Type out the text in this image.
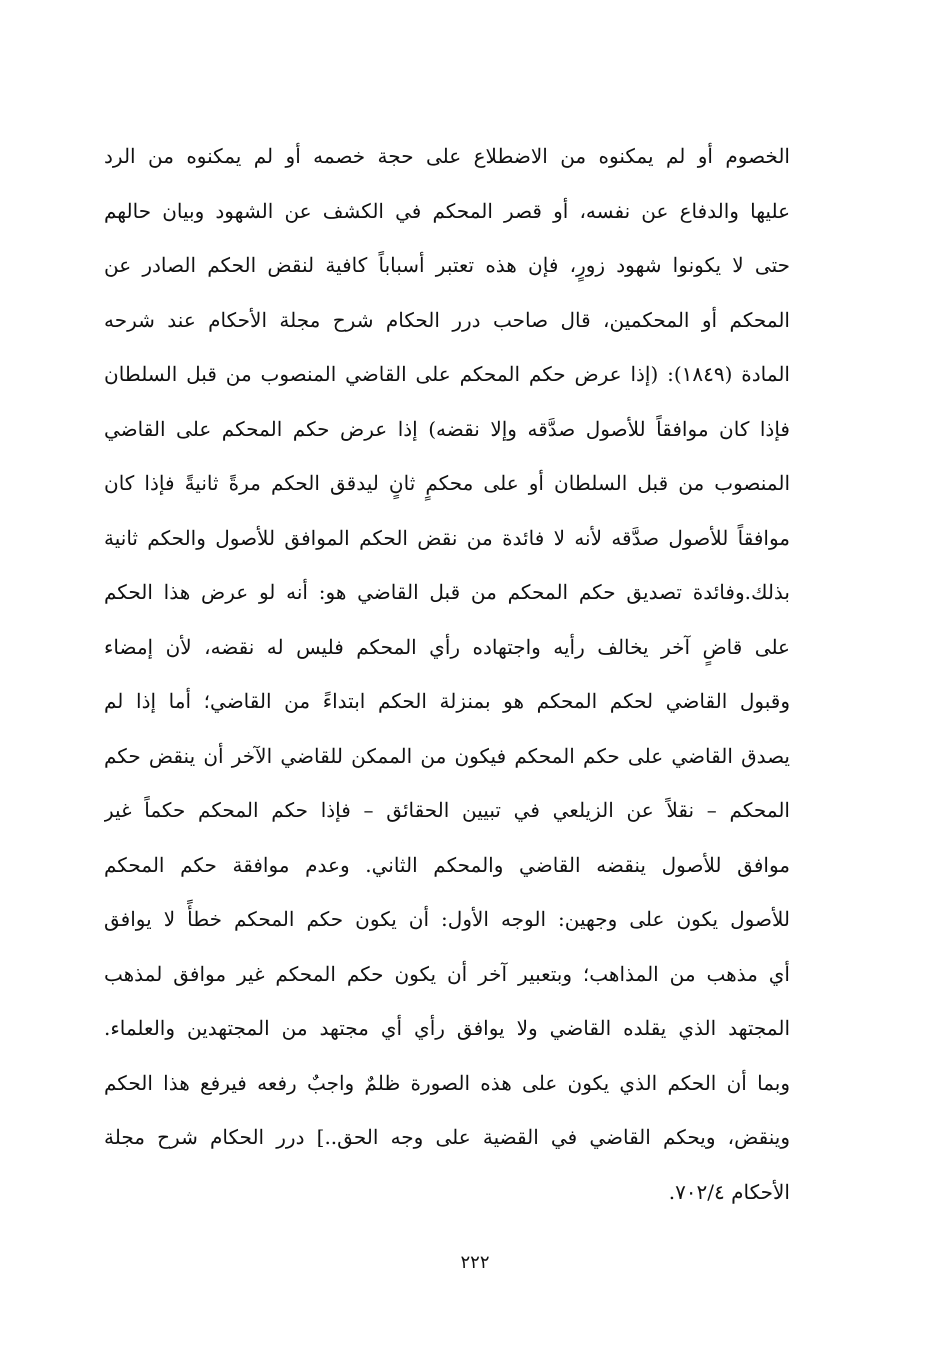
الخصوم أو لم يمكنوه من الاضطلاع على حجة خصمه أو لم يمكنوه من الرد
عليها والدفاع عن نفسه، أو قصر المحكم في الكشف عن الشهود وبيان حالهم
حتى لا يكونوا شهود زورٍ، فإن هذه تعتبر أسباباً كافية لنقض الحكم الصادر عن
المحكم أو المحكمين، قال صاحب درر الحكام شرح مجلة الأحكام عند شرحه
المادة (١٨٤٩): (إذا عرض حكم المحكم على القاضي المنصوب من قبل السلطان
فإذا كان موافقاً للأصول صدَّقه وإلا نقضه) إذا عرض حكم المحكم على القاضي
المنصوب من قبل السلطان أو على محكمٍ ثانٍ ليدقق الحكم مرةً ثانيةً فإذا كان
موافقاً للأصول صدَّقه لأنه لا فائدة من نقض الحكم الموافق للأصول والحكم ثانية
بذلك.وفائدة تصديق حكم المحكم من قبل القاضي هو: أنه لو عرض هذا الحكم
على قاضٍ آخر يخالف رأيه واجتهاده رأي المحكم فليس له نقضه، لأن إمضاء
وقبول القاضي لحكم المحكم هو بمنزلة الحكم ابتداءً من القاضي؛ أما إذا لم
يصدق القاضي على حكم المحكم فيكون من الممكن للقاضي الآخر أن ينقض حكم
المحكم – نقلاً عن الزيلعي في تبيين الحقائق – فإذا حكم المحكم حكماً غير
موافق للأصول ينقضه القاضي والمحكم الثاني. وعدم موافقة حكم المحكم
للأصول يكون على وجهين: الوجه الأول: أن يكون حكم المحكم خطأً لا يوافق
أي مذهب من المذاهب؛ وبتعبير آخر أن يكون حكم المحكم غير موافق لمذهب
المجتهد الذي يقلده القاضي ولا يوافق رأي أي مجتهد من المجتهدين والعلماء.
وبما أن الحكم الذي يكون على هذه الصورة ظلمٌ واجبٌ رفعه فيرفع هذا الحكم
وينقض، ويحكم القاضي في القضية على وجه الحق..] درر الحكام شرح مجلة
الأحكام ٧٠٢/٤.
٢٢٢
